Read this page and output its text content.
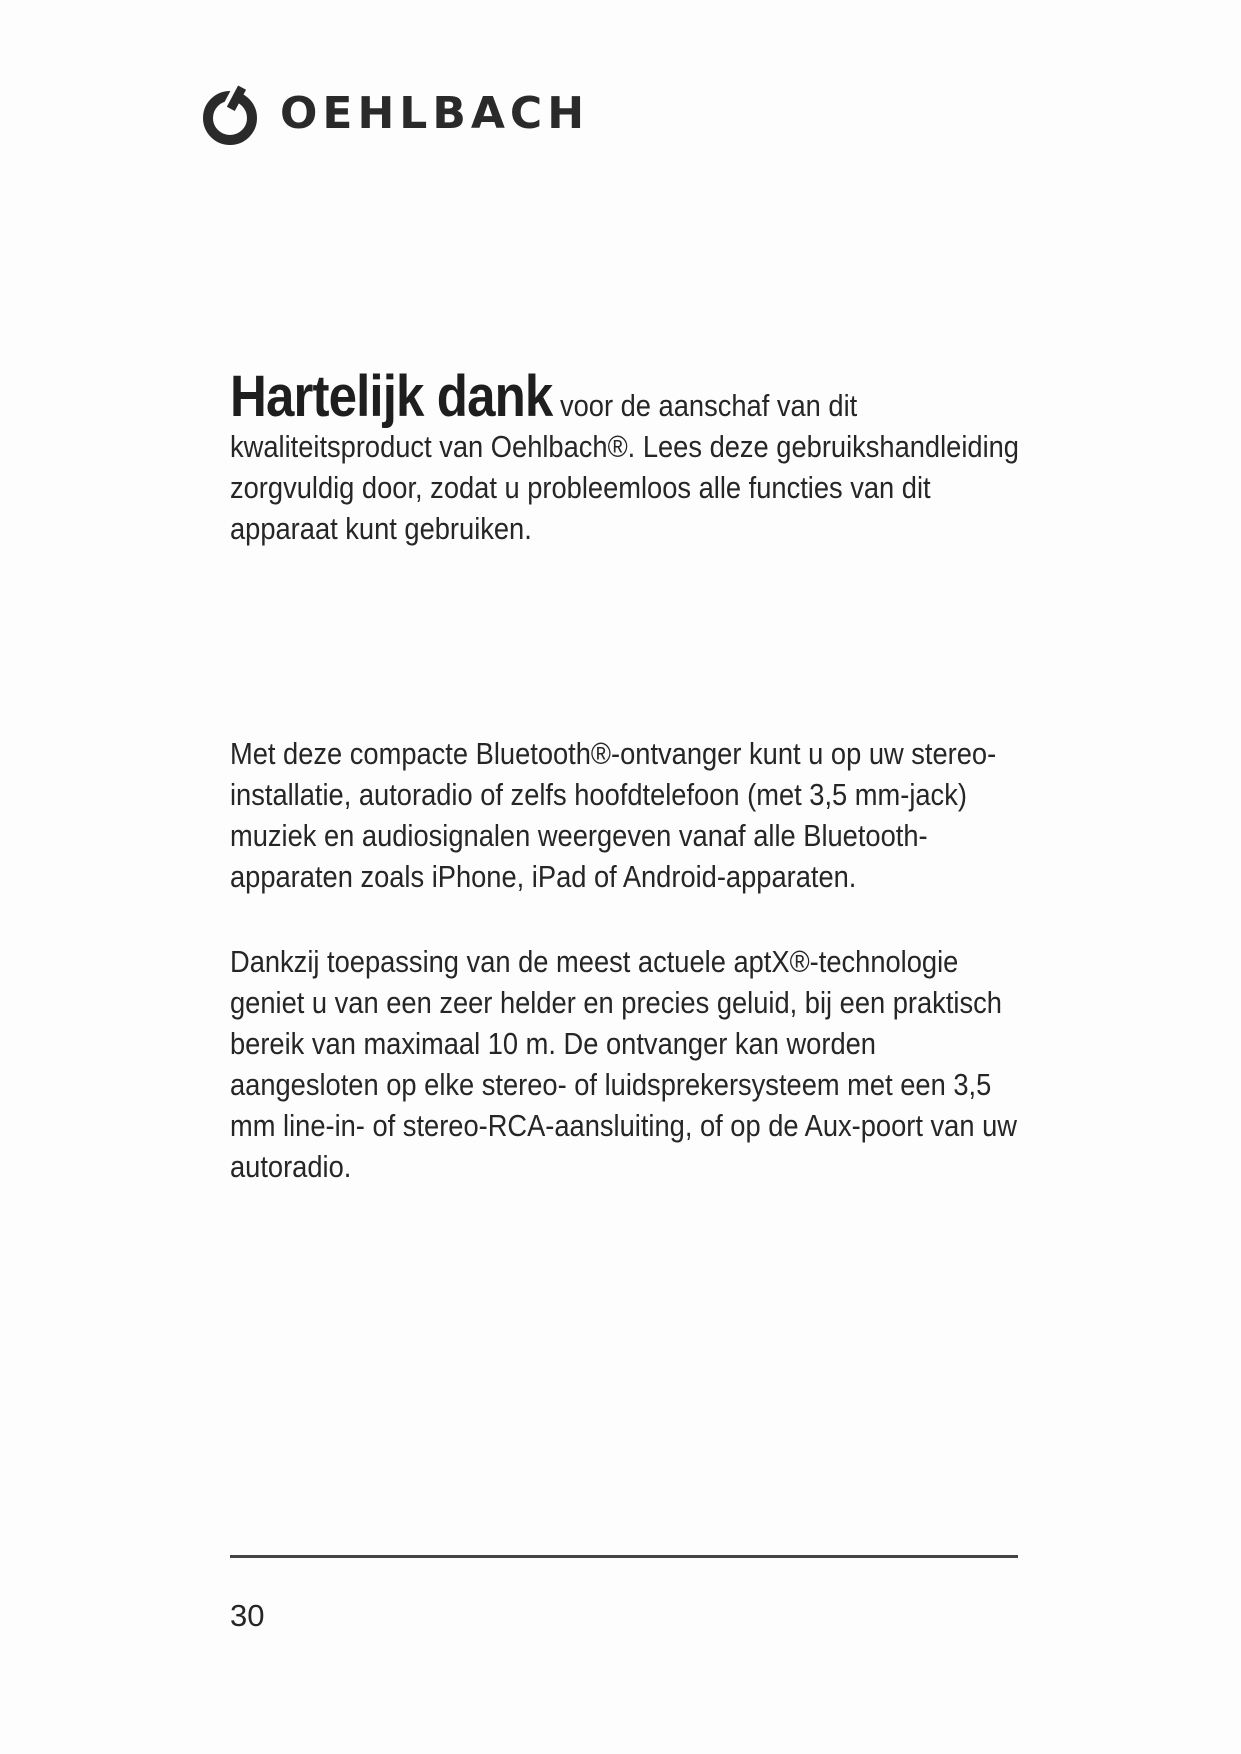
OEHLBACH

Hartelijk dank voor de aanschaf van dit kwaliteitsproduct van Oehlbach®. Lees deze gebruikshandleiding zorgvuldig door, zodat u probleemloos alle functies van dit apparaat kunt gebruiken.

Met deze compacte Bluetooth®-ontvanger kunt u op uw stereo-installatie, autoradio of zelfs hoofdtelefoon (met 3,5 mm-jack) muziek en audiosignalen weergeven vanaf alle Bluetooth-apparaten zoals iPhone, iPad of Android-apparaten.

Dankzij toepassing van de meest actuele aptX®-technologie geniet u van een zeer helder en precies geluid, bij een praktisch bereik van maximaal 10 m. De ontvanger kan worden aangesloten op elke stereo- of luidsprekersysteem met een 3,5 mm line-in- of stereo-RCA-aansluiting, of op de Aux-poort van uw autoradio.

30
